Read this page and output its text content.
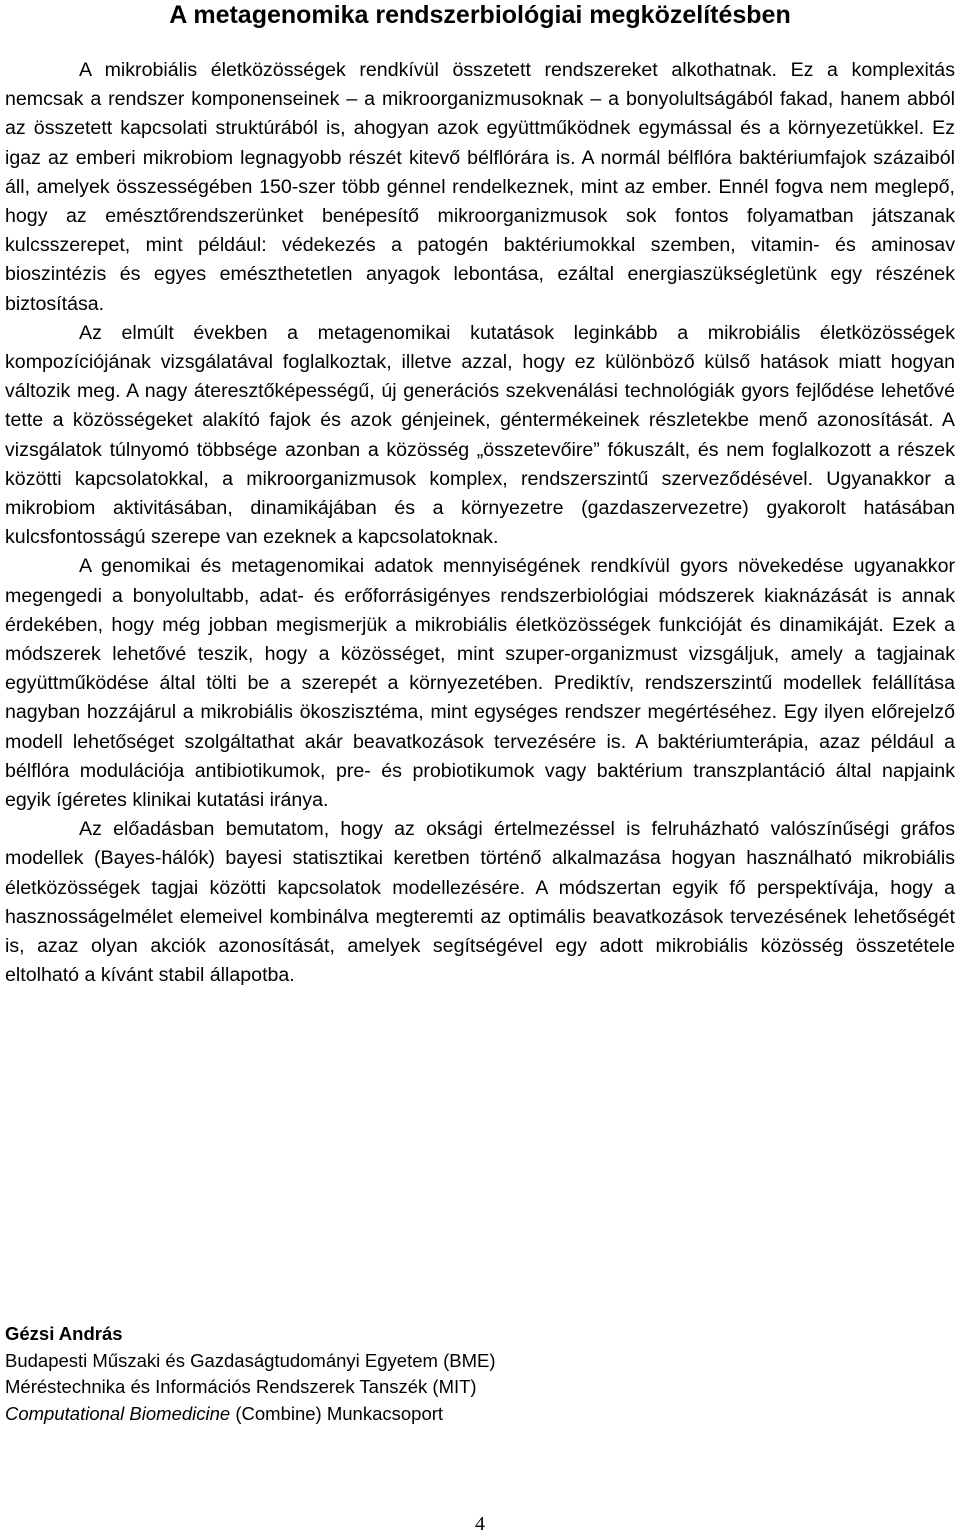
A metagenomika rendszerbiológiai megközelítésben

A mikrobiális életközösségek rendkívül összetett rendszereket alkothatnak. Ez a komplexitás nemcsak a rendszer komponenseinek – a mikroorganizmusoknak – a bonyolultságából fakad, hanem abból az összetett kapcsolati struktúrából is, ahogyan azok együttműködnek egymással és a környezetükkel. Ez igaz az emberi mikrobiom legnagyobb részét kitevő bélflórára is. A normál bélflóra baktériumfajok százaiból áll, amelyek összességében 150-szer több génnel rendelkeznek, mint az ember. Ennél fogva nem meglepő, hogy az emésztőrendszerünket benépesítő mikroorganizmusok sok fontos folyamatban játszanak kulcsszerepet, mint például: védekezés a patogén baktériumokkal szemben, vitamin- és aminosav bioszintézis és egyes emészthetetlen anyagok lebontása, ezáltal energiaszükségletünk egy részének biztosítása.

Az elmúlt években a metagenomikai kutatások leginkább a mikrobiális életközösségek kompozíciójának vizsgálatával foglalkoztak, illetve azzal, hogy ez különböző külső hatások miatt hogyan változik meg. A nagy áteresztőképességű, új generációs szekvenálási technológiák gyors fejlődése lehetővé tette a közösségeket alakító fajok és azok génjeinek, géntermékeinek részletekbe menő azonosítását. A vizsgálatok túlnyomó többsége azonban a közösség „összetevőire” fókuszált, és nem foglalkozott a részek közötti kapcsolatokkal, a mikroorganizmusok komplex, rendszerszintű szerveződésével. Ugyanakkor a mikrobiom aktivitásában, dinamikájában és a környezetre (gazdaszervezetre) gyakorolt hatásában kulcsfontosságú szerepe van ezeknek a kapcsolatoknak.

A genomikai és metagenomikai adatok mennyiségének rendkívül gyors növekedése ugyanakkor megengedi a bonyolultabb, adat- és erőforrásigényes rendszerbiológiai módszerek kiaknázását is annak érdekében, hogy még jobban megismerjük a mikrobiális életközösségek funkcióját és dinamikáját. Ezek a módszerek lehetővé teszik, hogy a közösséget, mint szuper-organizmust vizsgáljuk, amely a tagjainak együttműködése által tölti be a szerepét a környezetében. Prediktív, rendszerszintű modellek felállítása nagyban hozzájárul a mikrobiális ökoszisztéma, mint egységes rendszer megértéséhez. Egy ilyen előrejelző modell lehetőséget szolgáltathat akár beavatkozások tervezésére is. A baktériumterápia, azaz például a bélflóra modulációja antibiotikumok, pre- és probiotikumok vagy baktérium transzplantáció által napjaink egyik ígéretes klinikai kutatási iránya.

Az előadásban bemutatom, hogy az oksági értelmezéssel is felruházható valószínűségi gráfos modellek (Bayes-hálók) bayesi statisztikai keretben történő alkalmazása hogyan használható mikrobiális életközösségek tagjai közötti kapcsolatok modellezésére. A módszertan egyik fő perspektívája, hogy a hasznosságelmélet elemeivel kombinálva megteremti az optimális beavatkozások tervezésének lehetőségét is, azaz olyan akciók azonosítását, amelyek segítségével egy adott mikrobiális közösség összetétele eltolható a kívánt stabil állapotba.

Gézsi András
Budapesti Műszaki és Gazdaságtudományi Egyetem (BME)
Méréstechnika és Információs Rendszerek Tanszék (MIT)
Computational Biomedicine (Combine) Munkacsoport
4
